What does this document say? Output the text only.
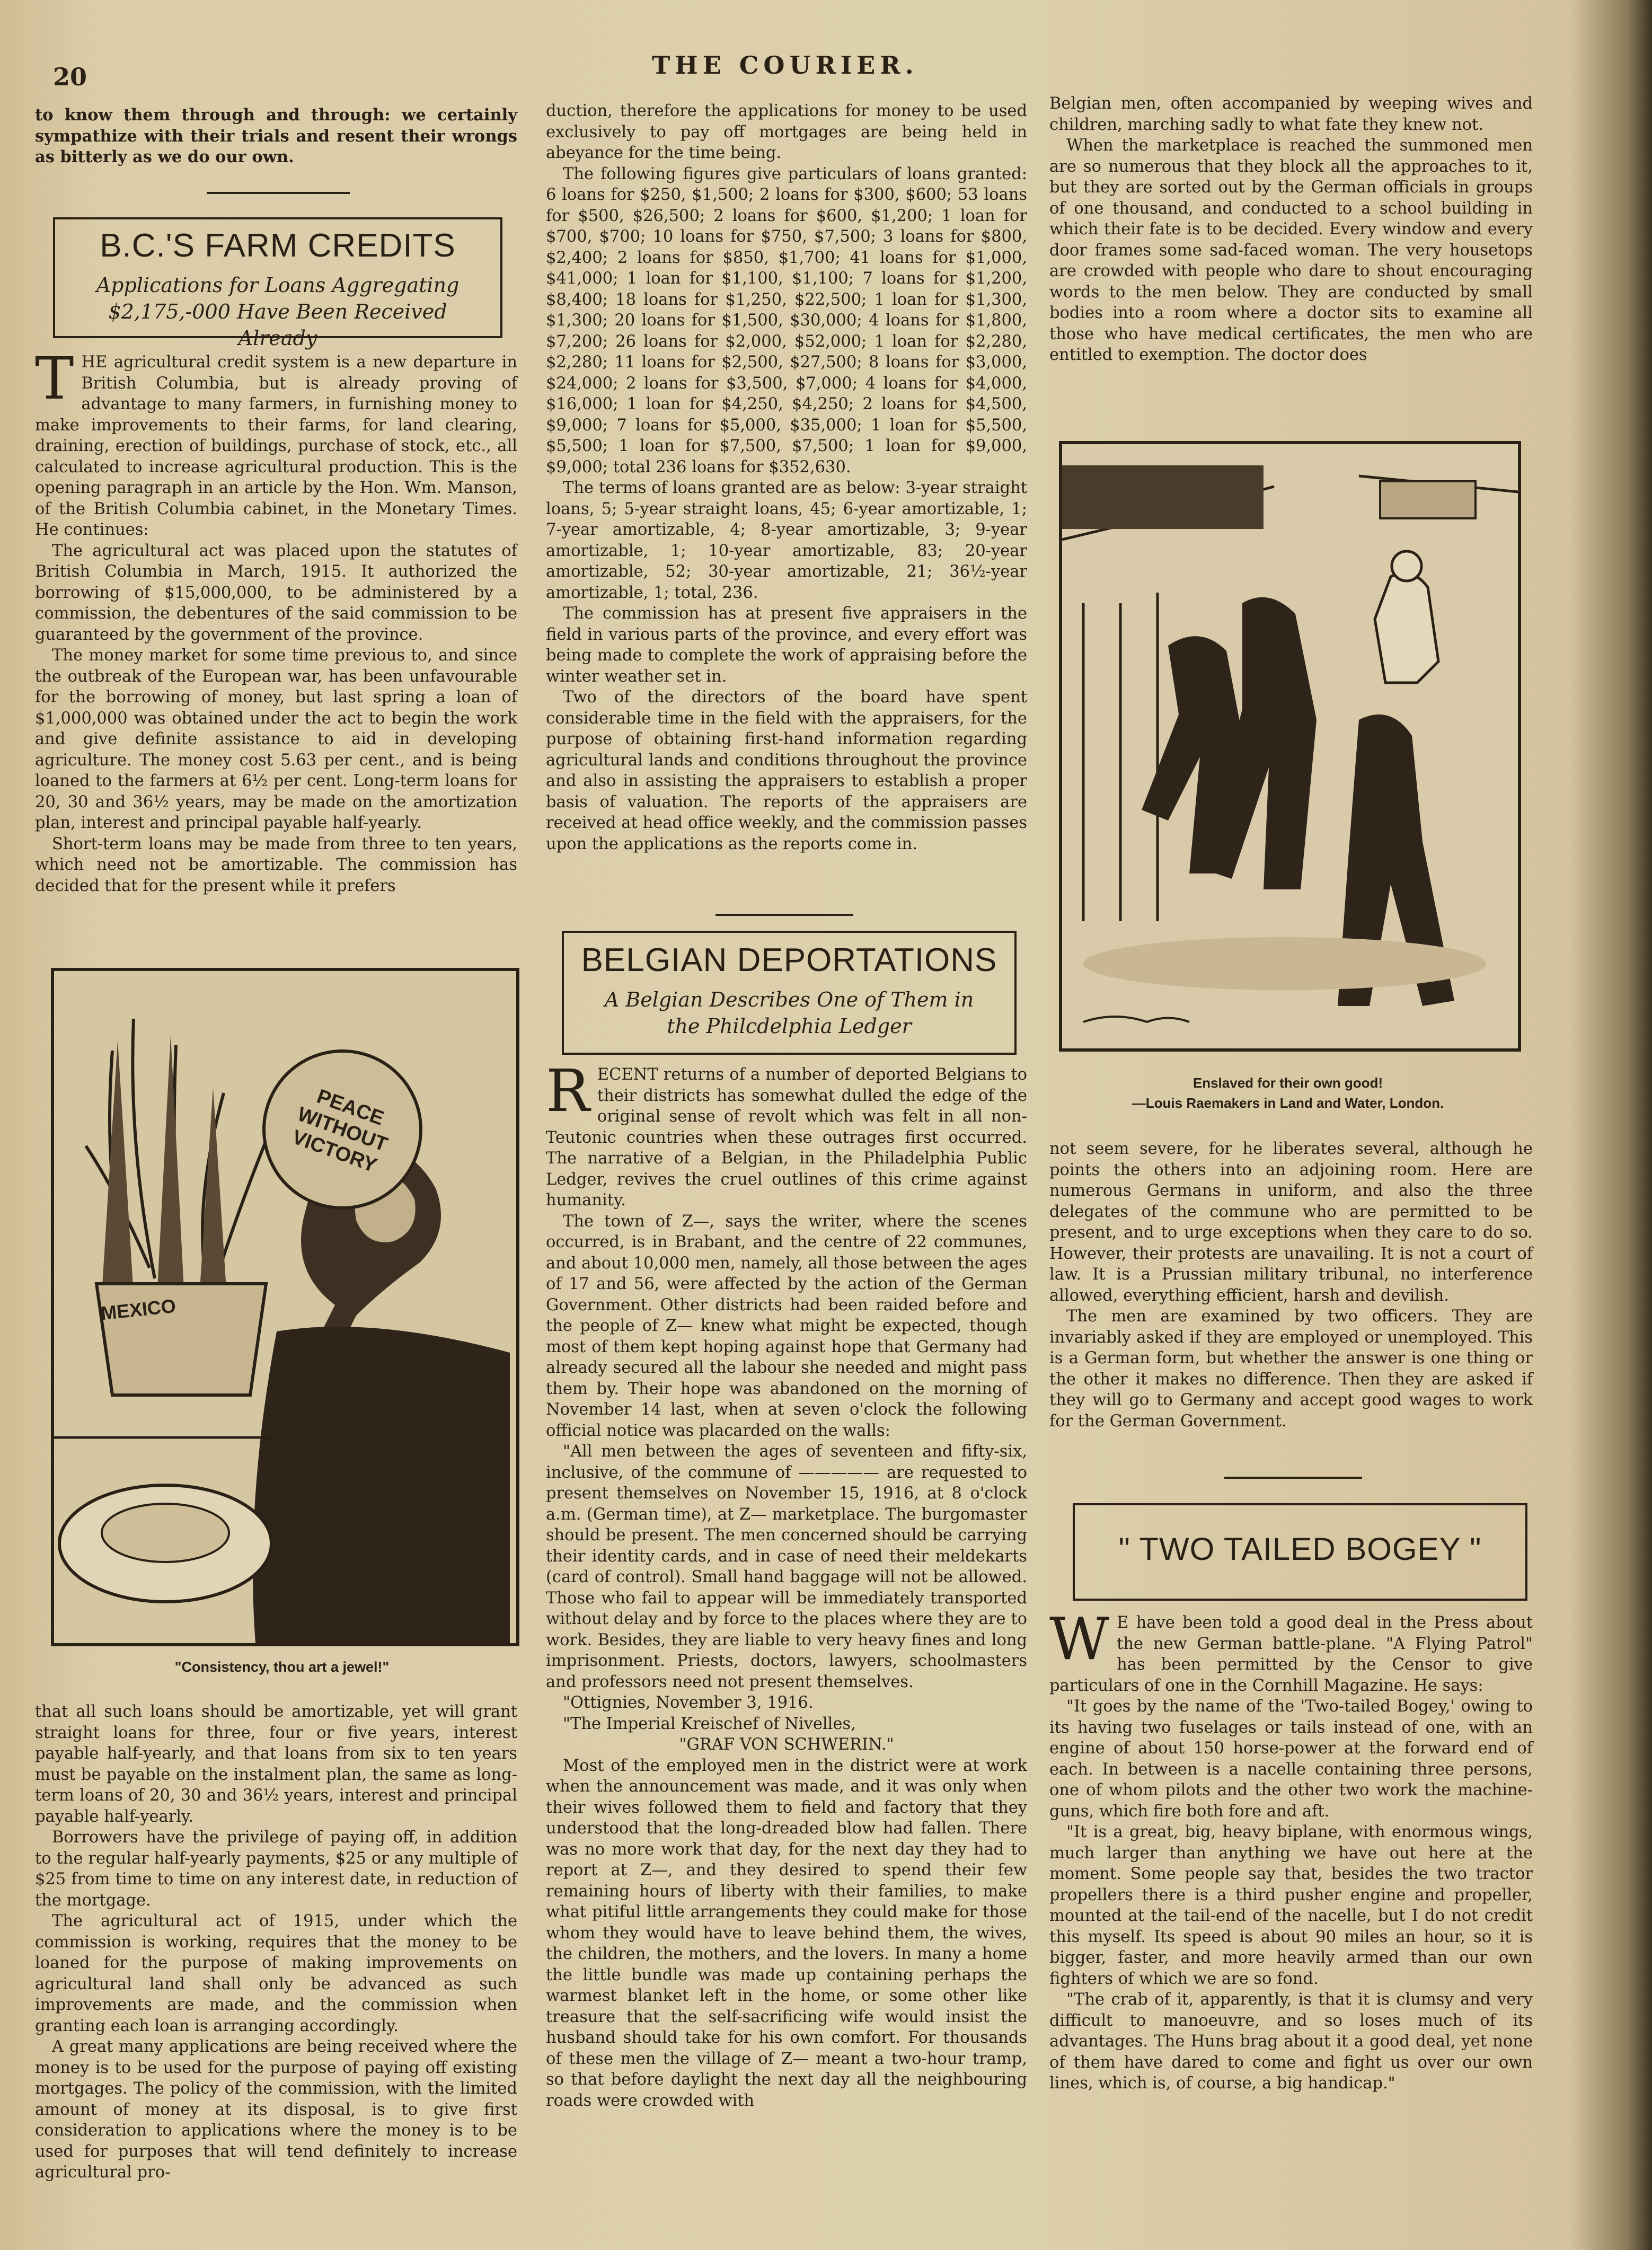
20	THE COURIER.

to know them through and through: we certainly sympathize with their trials and resent their wrongs as bitterly as we do our own.

B.C.'S FARM CREDITS
Applications for Loans Aggregating $2,175,-000 Have Been Received Already
T HE agricultural credit system is a new departure in British Columbia, but is already proving of advantage to many farmers, in furnishing money to make improvements to their farms, for land clearing, draining, erection of buildings, purchase of stock, etc., all calculated to increase agricultural production. This is the opening paragraph in an article by the Hon. Wm. Manson, of the British Columbia cabinet, in the Monetary Times. He continues:

The agricultural act was placed upon the statutes of British Columbia in March, 1915. It authorized the borrowing of $15,000,000, to be administered by a commission, the debentures of the said commission to be guaranteed by the government of the province.

The money market for some time previous to, and since the outbreak of the European war, has been unfavourable for the borrowing of money, but last spring a loan of $1,000,000 was obtained under the act to begin the work and give definite assistance to aid in developing agriculture. The money cost 5.63 per cent., and is being loaned to the farmers at 6½ per cent. Long-term loans for 20, 30 and 36½ years, may be made on the amortization plan, interest and principal payable half-yearly.

Short-term loans may be made from three to ten years, which need not be amortizable. The commission has decided that for the present while it prefers

PEACE WITHOUT VICTORY
MEXICO
"Consistency, thou art a jewel!"

that all such loans should be amortizable, yet will grant straight loans for three, four or five years, interest payable half-yearly, and that loans from six to ten years must be payable on the instalment plan, the same as long-term loans of 20, 30 and 36½ years, interest and principal payable half-yearly.

Borrowers have the privilege of paying off, in addition to the regular half-yearly payments, $25 or any multiple of $25 from time to time on any interest date, in reduction of the mortgage.

The agricultural act of 1915, under which the commission is working, requires that the money to be loaned for the purpose of making improvements on agricultural land shall only be advanced as such improvements are made, and the commission when granting each loan is arranging accordingly.

A great many applications are being received where the money is to be used for the purpose of paying off existing mortgages. The policy of the commission, with the limited amount of money at its disposal, is to give first consideration to applications where the money is to be used for purposes that will tend definitely to increase agricultural pro-

duction, therefore the applications for money to be used exclusively to pay off mortgages are being held in abeyance for the time being.

The following figures give particulars of loans granted: 6 loans for $250, $1,500; 2 loans for $300, $600; 53 loans for $500, $26,500; 2 loans for $600, $1,200; 1 loan for $700, $700; 10 loans for $750, $7,500; 3 loans for $800, $2,400; 2 loans for $850, $1,700; 41 loans for $1,000, $41,000; 1 loan for $1,100, $1,100; 7 loans for $1,200, $8,400; 18 loans for $1,250, $22,500; 1 loan for $1,300, $1,300; 20 loans for $1,500, $30,000; 4 loans for $1,800, $7,200; 26 loans for $2,000, $52,000; 1 loan for $2,280, $2,280; 11 loans for $2,500, $27,500; 8 loans for $3,000, $24,000; 2 loans for $3,500, $7,000; 4 loans for $4,000, $16,000; 1 loan for $4,250, $4,250; 2 loans for $4,500, $9,000; 7 loans for $5,000, $35,000; 1 loan for $5,500, $5,500; 1 loan for $7,500, $7,500; 1 loan for $9,000, $9,000; total 236 loans for $352,630.

The terms of loans granted are as below: 3-year straight loans, 5; 5-year straight loans, 45; 6-year amortizable, 1; 7-year amortizable, 4; 8-year amortizable, 3; 9-year amortizable, 1; 10-year amortizable, 83; 20-year amortizable, 52; 30-year amortizable, 21; 36½-year amortizable, 1; total, 236.

The commission has at present five appraisers in the field in various parts of the province, and every effort was being made to complete the work of appraising before the winter weather set in.

Two of the directors of the board have spent considerable time in the field with the appraisers, for the purpose of obtaining first-hand information regarding agricultural lands and conditions throughout the province and also in assisting the appraisers to establish a proper basis of valuation. The reports of the appraisers are received at head office weekly, and the commission passes upon the applications as the reports come in.

BELGIAN DEPORTATIONS
A Belgian Describes One of Them in the Philcdelphia Ledger
R ECENT returns of a number of deported Belgians to their districts has somewhat dulled the edge of the original sense of revolt which was felt in all non-Teutonic countries when these outrages first occurred. The narrative of a Belgian, in the Philadelphia Public Ledger, revives the cruel outlines of this crime against humanity.

The town of Z—, says the writer, where the scenes occurred, is in Brabant, and the centre of 22 communes, and about 10,000 men, namely, all those between the ages of 17 and 56, were affected by the action of the German Government. Other districts had been raided before and the people of Z— knew what might be expected, though most of them kept hoping against hope that Germany had already secured all the labour she needed and might pass them by. Their hope was abandoned on the morning of November 14 last, when at seven o'clock the following official notice was placarded on the walls:

"All men between the ages of seventeen and fifty-six, inclusive, of the commune of ————— are requested to present themselves on November 15, 1916, at 8 o'clock a.m. (German time), at Z— marketplace. The burgomaster should be present. The men concerned should be carrying their identity cards, and in case of need their meldekarts (card of control). Small hand baggage will not be allowed. Those who fail to appear will be immediately transported without delay and by force to the places where they are to work. Besides, they are liable to very heavy fines and long imprisonment. Priests, doctors, lawyers, schoolmasters and professors need not present themselves.

"Ottignies, November 3, 1916.

"The Imperial Kreischef of Nivelles,

"GRAF VON SCHWERIN."

Most of the employed men in the district were at work when the announcement was made, and it was only when their wives followed them to field and factory that they understood that the long-dreaded blow had fallen. There was no more work that day, for the next day they had to report at Z—, and they desired to spend their few remaining hours of liberty with their families, to make what pitiful little arrangements they could make for those whom they would have to leave behind them, the wives, the children, the mothers, and the lovers. In many a home the little bundle was made up containing perhaps the warmest blanket left in the home, or some other like treasure that the self-sacrificing wife would insist the husband should take for his own comfort. For thousands of these men the village of Z— meant a two-hour tramp, so that before daylight the next day all the neighbouring roads were crowded with

Belgian men, often accompanied by weeping wives and children, marching sadly to what fate they knew not.

When the marketplace is reached the summoned men are so numerous that they block all the approaches to it, but they are sorted out by the German officials in groups of one thousand, and conducted to a school building in which their fate is to be decided. Every window and every door frames some sad-faced woman. The very housetops are crowded with people who dare to shout encouraging words to the men below. They are conducted by small bodies into a room where a doctor sits to examine all those who have medical certificates, the men who are entitled to exemption. The doctor does

Enslaved for their own good!
—Louis Raemakers in Land and Water, London.

not seem severe, for he liberates several, although he points the others into an adjoining room. Here are numerous Germans in uniform, and also the three delegates of the commune who are permitted to be present, and to urge exceptions when they care to do so. However, their protests are unavailing. It is not a court of law. It is a Prussian military tribunal, no interference allowed, everything efficient, harsh and devilish.

The men are examined by two officers. They are invariably asked if they are employed or unemployed. This is a German form, but whether the answer is one thing or the other it makes no difference. Then they are asked if they will go to Germany and accept good wages to work for the German Government.

" TWO TAILED BOGEY "
W E have been told a good deal in the Press about the new German battle-plane. "A Flying Patrol" has been permitted by the Censor to give particulars of one in the Cornhill Magazine. He says:

"It goes by the name of the 'Two-tailed Bogey,' owing to its having two fuselages or tails instead of one, with an engine of about 150 horse-power at the forward end of each. In between is a nacelle containing three persons, one of whom pilots and the other two work the machine-guns, which fire both fore and aft.

"It is a great, big, heavy biplane, with enormous wings, much larger than anything we have out here at the moment. Some people say that, besides the two tractor propellers there is a third pusher engine and propeller, mounted at the tail-end of the nacelle, but I do not credit this myself. Its speed is about 90 miles an hour, so it is bigger, faster, and more heavily armed than our own fighters of which we are so fond.

"The crab of it, apparently, is that it is clumsy and very difficult to manoeuvre, and so loses much of its advantages. The Huns brag about it a good deal, yet none of them have dared to come and fight us over our own lines, which is, of course, a big handicap."
